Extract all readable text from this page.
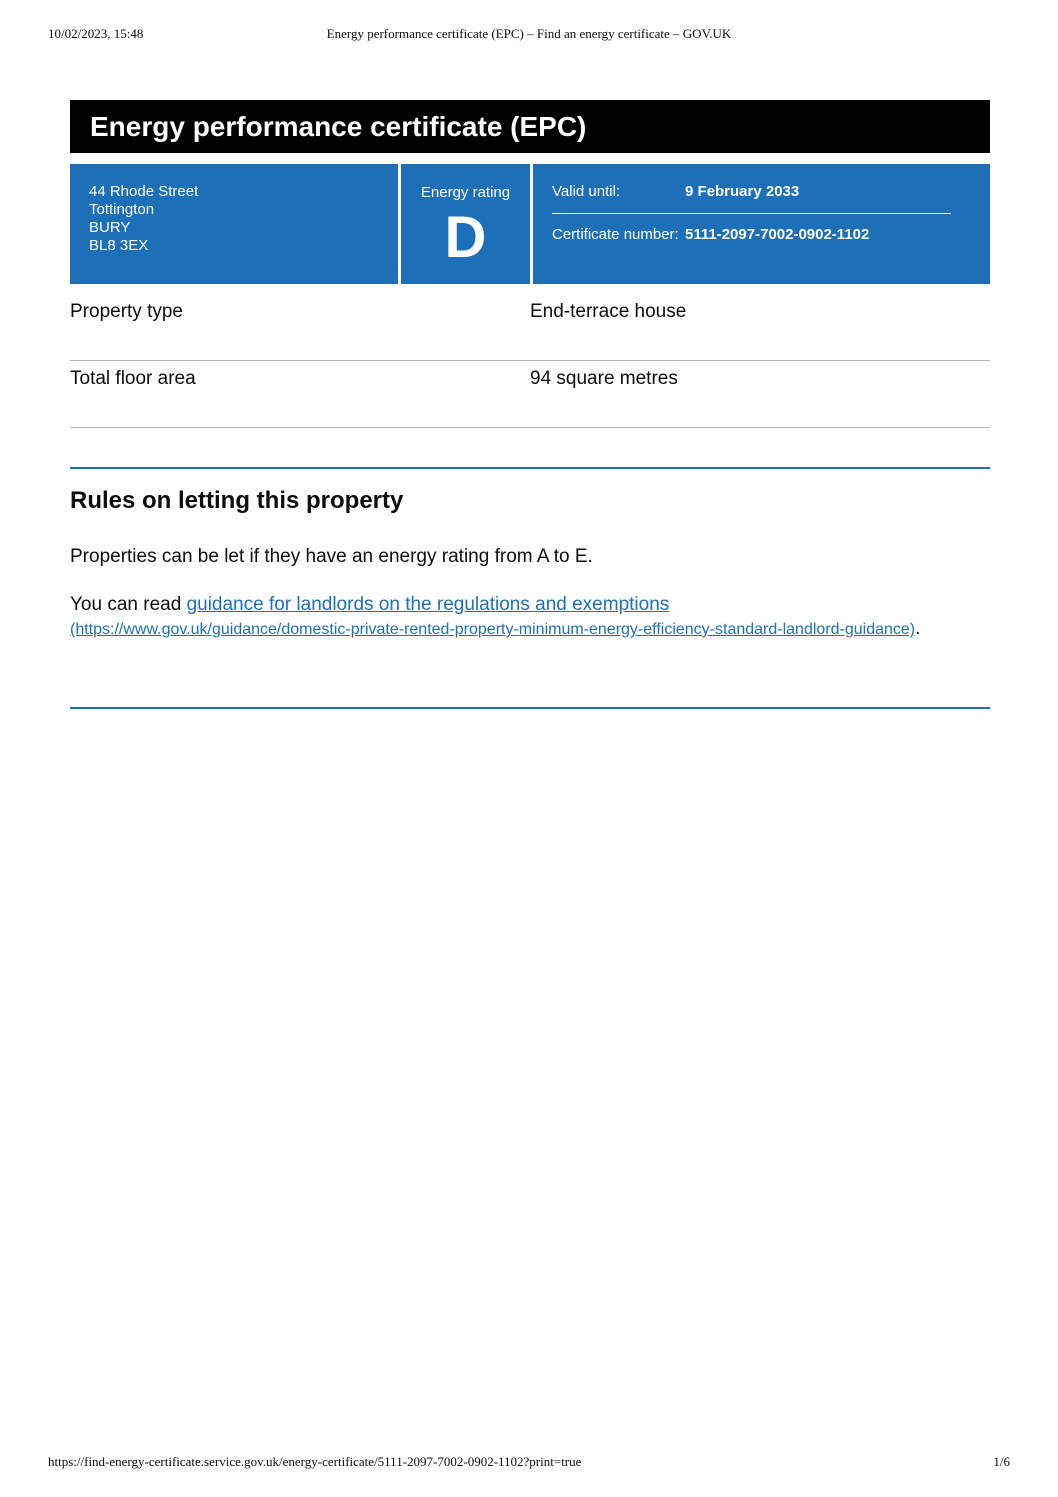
10/02/2023, 15:48	Energy performance certificate (EPC) – Find an energy certificate – GOV.UK
Energy performance certificate (EPC)
44 Rhode Street
Tottington
BURY
BL8 3EX
Energy rating
D
Valid until:	9 February 2033
Certificate number: 5111-2097-7002-0902-1102
Property type	End-terrace house
Total floor area	94 square metres
Rules on letting this property

Properties can be let if they have an energy rating from A to E.

You can read guidance for landlords on the regulations and exemptions
(https://www.gov.uk/guidance/domestic-private-rented-property-minimum-energy-efficiency-standard-landlord-guidance).

https://find-energy-certificate.service.gov.uk/energy-certificate/5111-2097-7002-0902-1102?print=true	1/6
